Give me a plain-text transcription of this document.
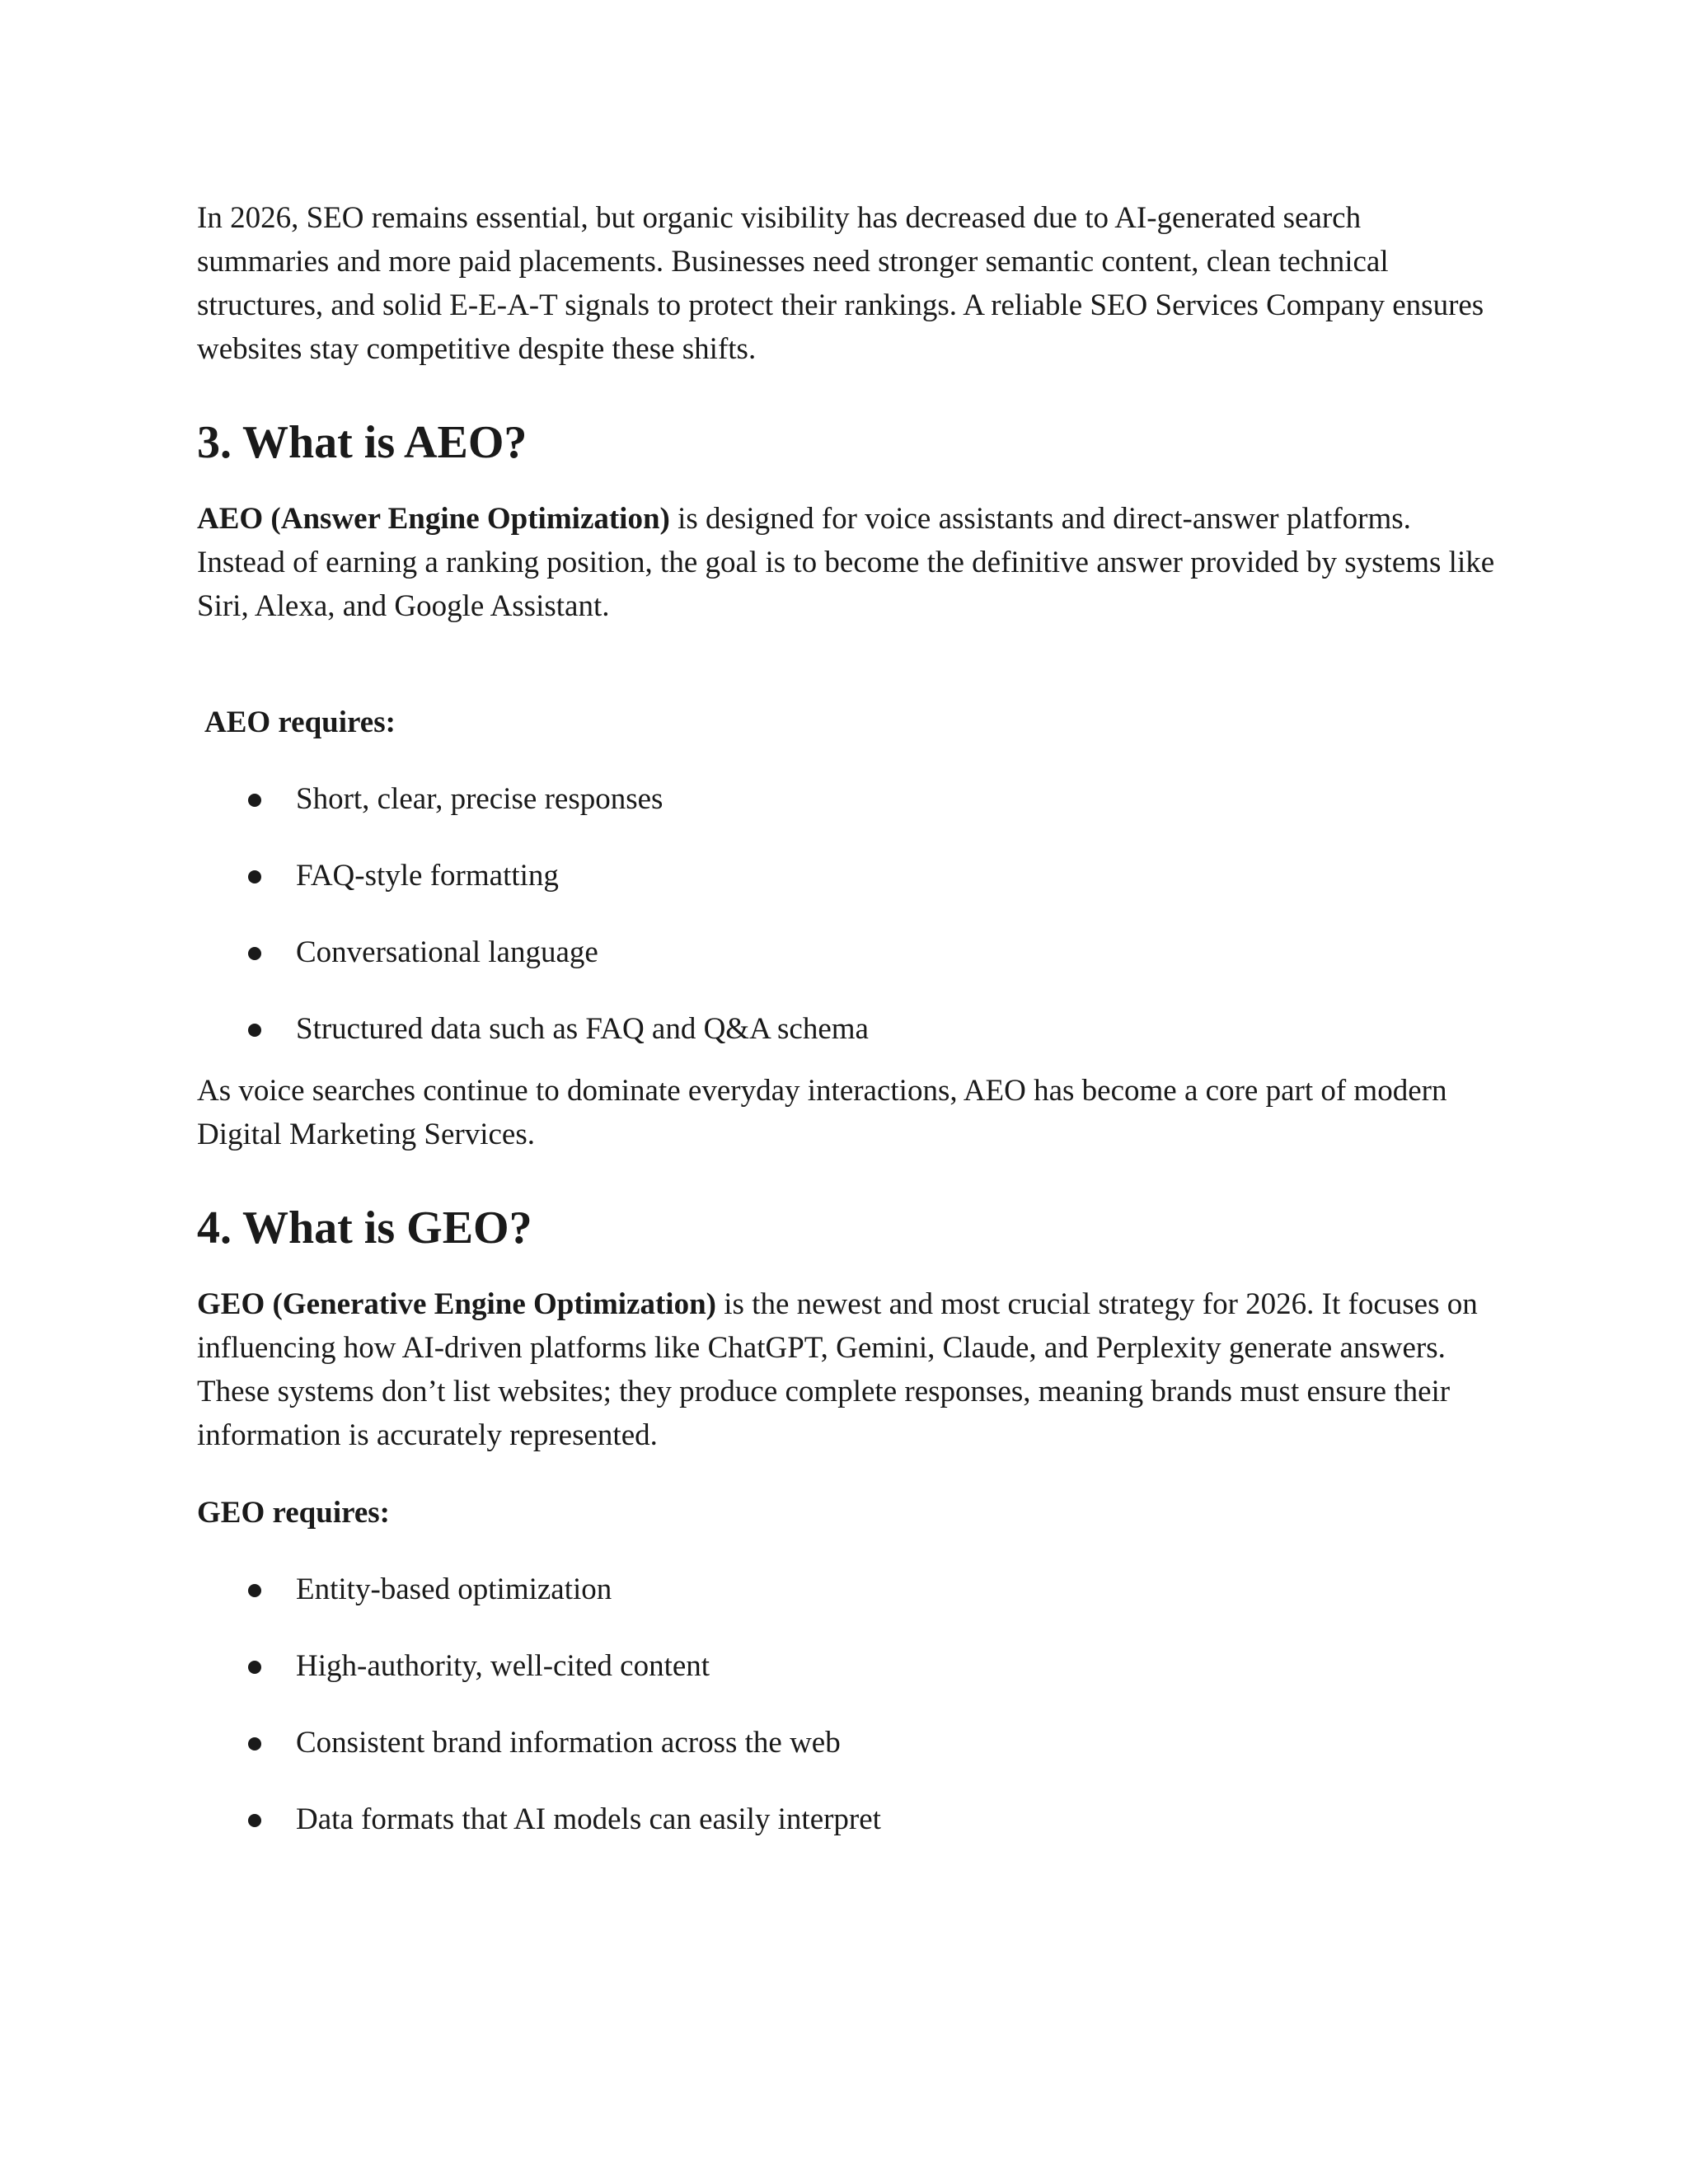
In 2026, SEO remains essential, but organic visibility has decreased due to AI-generated search summaries and more paid placements. Businesses need stronger semantic content, clean technical structures, and solid E-E-A-T signals to protect their rankings. A reliable SEO Services Company ensures websites stay competitive despite these shifts.

3. What is AEO?

AEO (Answer Engine Optimization) is designed for voice assistants and direct-answer platforms. Instead of earning a ranking position, the goal is to become the definitive answer provided by systems like Siri, Alexa, and Google Assistant.

AEO requires:

Short, clear, precise responses
FAQ-style formatting
Conversational language
Structured data such as FAQ and Q&A schema

As voice searches continue to dominate everyday interactions, AEO has become a core part of modern Digital Marketing Services.

4. What is GEO?

GEO (Generative Engine Optimization) is the newest and most crucial strategy for 2026. It focuses on influencing how AI-driven platforms like ChatGPT, Gemini, Claude, and Perplexity generate answers. These systems don’t list websites; they produce complete responses, meaning brands must ensure their information is accurately represented.

GEO requires:

Entity-based optimization
High-authority, well-cited content
Consistent brand information across the web
Data formats that AI models can easily interpret
